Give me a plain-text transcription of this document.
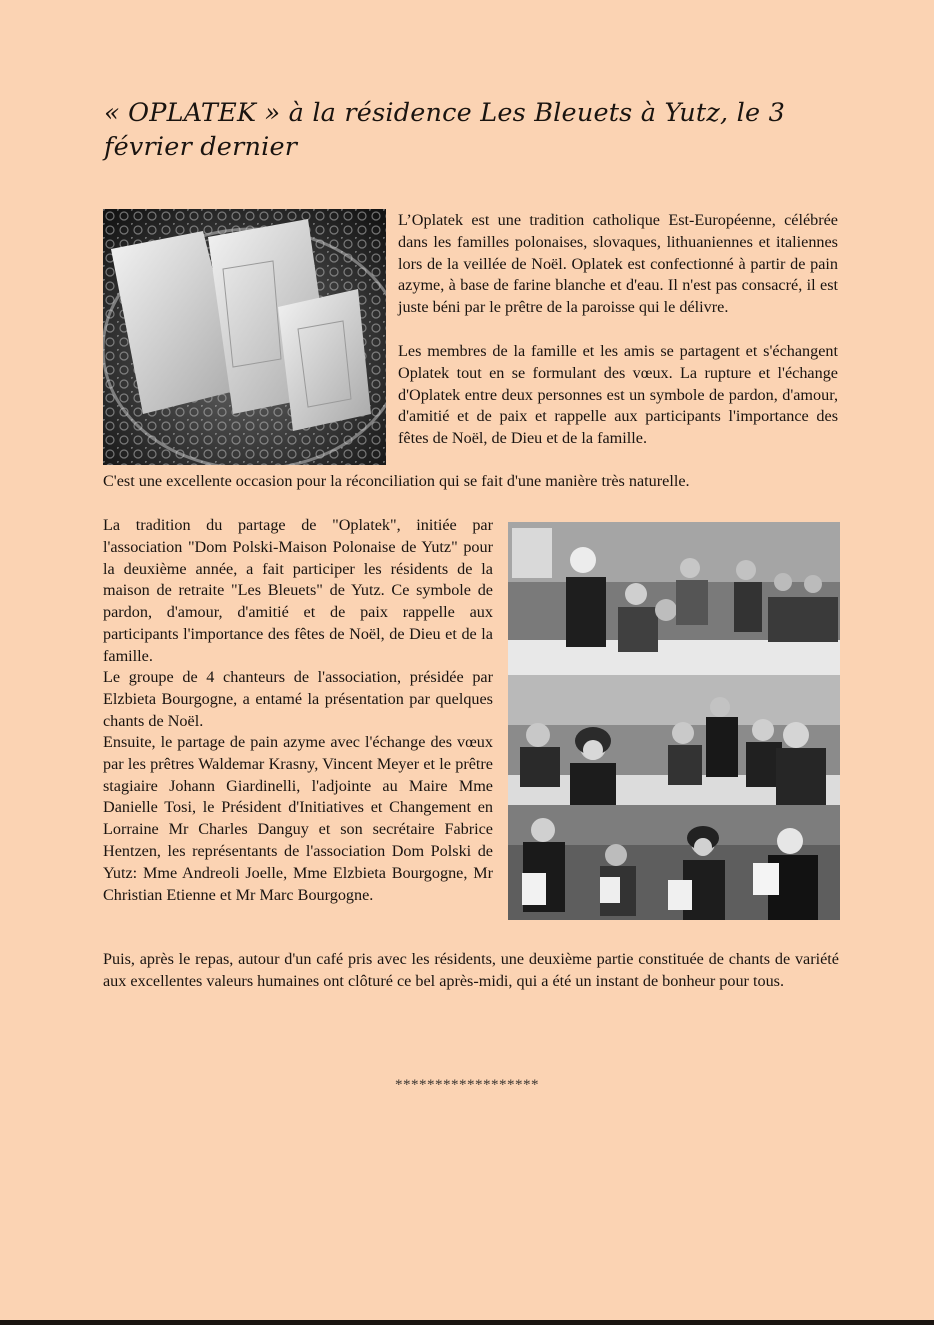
« OPLATEK » à la résidence Les Bleuets à Yutz, le 3 février dernier

L’Oplatek est une tradition catholique Est-Européenne, célébrée dans les familles polonaises, slovaques, lithuaniennes et italiennes lors de la veillée de Noël. Oplatek est confectionné à partir de pain azyme, à base de farine blanche et d'eau. Il n'est pas consacré, il est juste béni par le prêtre de la paroisse qui le délivre.

Les membres de la famille et les amis se partagent et s'échangent Oplatek tout en se formulant des vœux. La rupture et l'échange d'Oplatek entre deux personnes est un symbole de pardon, d'amour, d'amitié et de paix et rappelle aux participants l'importance des fêtes de Noël, de Dieu et de la famille.

C'est une excellente occasion pour la réconciliation qui se fait d'une manière très naturelle.

La tradition du partage de "Oplatek", initiée par l'association "Dom Polski-Maison Polonaise de Yutz" pour la deuxième année, a fait participer les résidents de la maison de retraite "Les Bleuets" de Yutz. Ce symbole de pardon, d'amour, d'amitié et de paix rappelle aux participants l'importance des fêtes de Noël, de Dieu et de la famille.

Le groupe de 4 chanteurs de l'association, présidée par Elzbieta Bourgogne, a entamé la présentation par quelques chants de Noël.

Ensuite, le partage de pain azyme avec l'échange des vœux par les prêtres Waldemar Krasny, Vincent Meyer et le prêtre stagiaire Johann Giardinelli, l'adjointe au Maire Mme Danielle Tosi, le Président d'Initiatives et Changement en Lorraine Mr Charles Danguy et son secrétaire Fabrice Hentzen, les représentants de l'association Dom Polski de Yutz: Mme Andreoli Joelle, Mme Elzbieta Bourgogne, Mr Christian Etienne et Mr Marc Bourgogne.

Puis, après le repas, autour d'un café pris avec les résidents, une deuxième partie constituée de chants de variété aux excellentes valeurs humaines ont clôturé ce bel après-midi, qui a été un instant de bonheur pour tous.

******************
